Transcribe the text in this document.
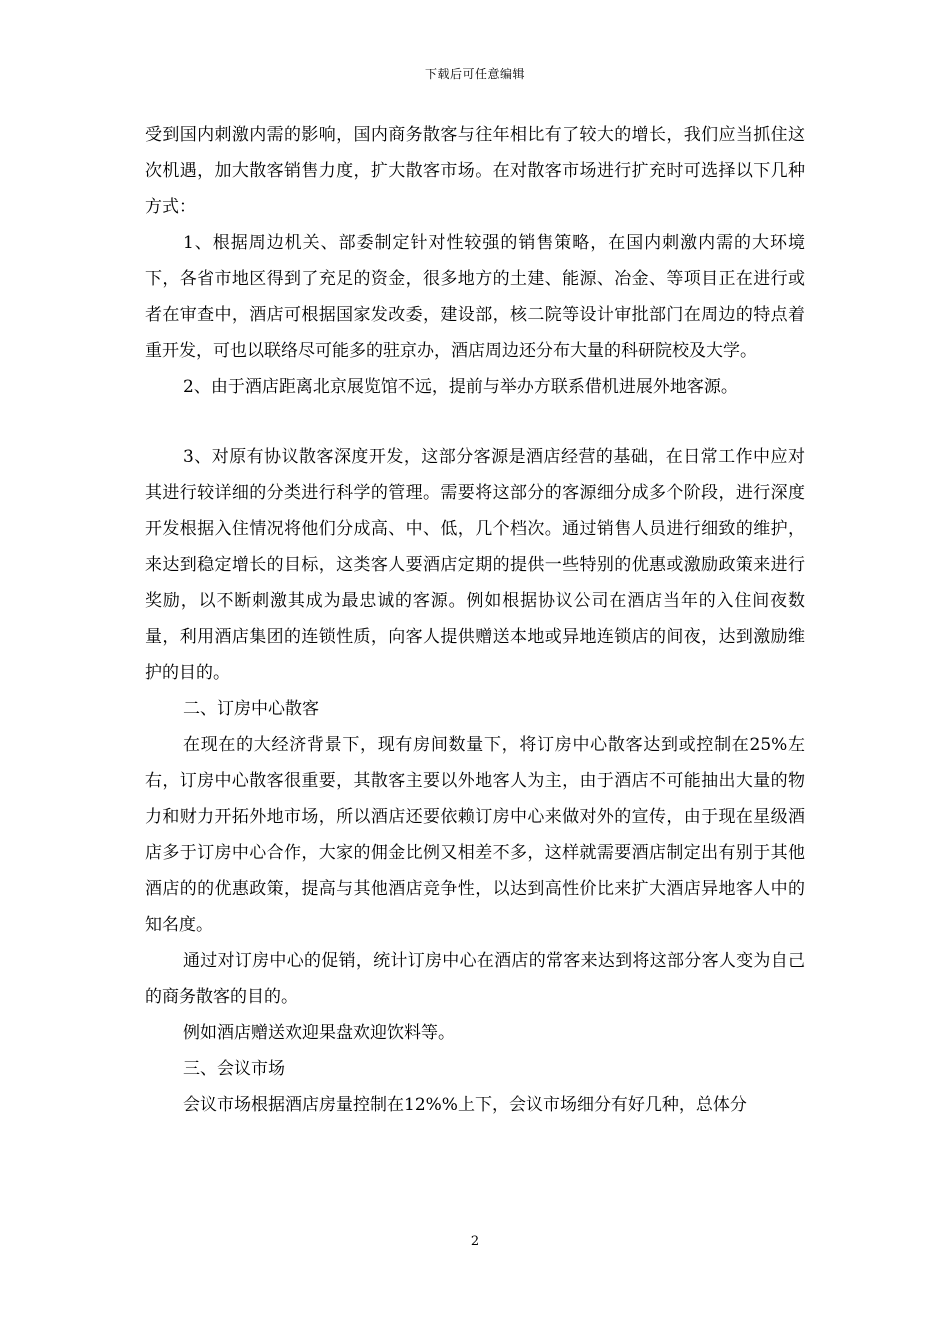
下载后可任意编辑

受到国内刺激内需的影响，国内商务散客与往年相比有了较大的增长，我们应当抓住这次机遇，加大散客销售力度，扩大散客市场。在对散客市场进行扩充时可选择以下几种方式：

1、根据周边机关、部委制定针对性较强的销售策略，在国内刺激内需的大环境下，各省市地区得到了充足的资金，很多地方的土建、能源、冶金、等项目正在进行或者在审查中，酒店可根据国家发改委，建设部，核二院等设计审批部门在周边的特点着重开发，可也以联络尽可能多的驻京办，酒店周边还分布大量的科研院校及大学。

2、由于酒店距离北京展览馆不远，提前与举办方联系借机进展外地客源。

3、对原有协议散客深度开发，这部分客源是酒店经营的基础，在日常工作中应对其进行较详细的分类进行科学的管理。需要将这部分的客源细分成多个阶段，进行深度开发根据入住情况将他们分成高、中、低，几个档次。通过销售人员进行细致的维护，来达到稳定增长的目标，这类客人要酒店定期的提供一些特别的优惠或激励政策来进行奖励，以不断刺激其成为最忠诚的客源。例如根据协议公司在酒店当年的入住间夜数量，利用酒店集团的连锁性质，向客人提供赠送本地或异地连锁店的间夜，达到激励维护的目的。

二、订房中心散客

在现在的大经济背景下，现有房间数量下，将订房中心散客达到或控制在25%左右，订房中心散客很重要，其散客主要以外地客人为主，由于酒店不可能抽出大量的物力和财力开拓外地市场，所以酒店还要依赖订房中心来做对外的宣传，由于现在星级酒店多于订房中心合作，大家的佣金比例又相差不多，这样就需要酒店制定出有别于其他酒店的的优惠政策，提高与其他酒店竞争性，以达到高性价比来扩大酒店异地客人中的知名度。

通过对订房中心的促销，统计订房中心在酒店的常客来达到将这部分客人变为自己的商务散客的目的。

例如酒店赠送欢迎果盘欢迎饮料等。

三、会议市场

会议市场根据酒店房量控制在12%%上下，会议市场细分有好几种，总体分

2
